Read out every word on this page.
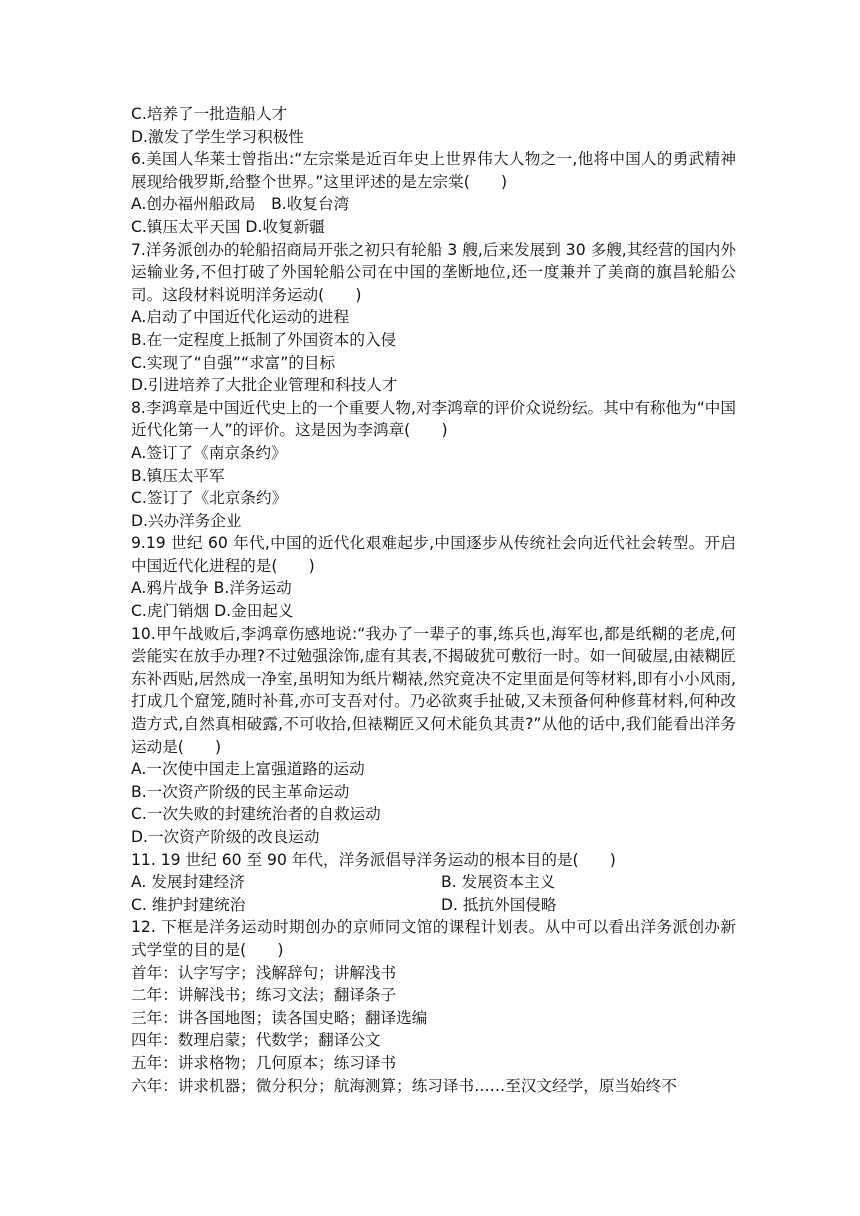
C.培养了一批造船人才
D.激发了学生学习积极性
6.美国人华莱士曾指出:“左宗棠是近百年史上世界伟大人物之一,他将中国人的勇武精神展现给俄罗斯,给整个世界。”这里评述的是左宗棠(　　)
A.创办福州船政局　B.收复台湾
C.镇压太平天国 D.收复新疆
7.洋务派创办的轮船招商局开张之初只有轮船 3 艘,后来发展到 30 多艘,其经营的国内外运输业务,不但打破了外国轮船公司在中国的垄断地位,还一度兼并了美商的旗昌轮船公司。这段材料说明洋务运动(　　)
A.启动了中国近代化运动的进程
B.在一定程度上抵制了外国资本的入侵
C.实现了“自强”“求富”的目标
D.引进培养了大批企业管理和科技人才
8.李鸿章是中国近代史上的一个重要人物,对李鸿章的评价众说纷纭。其中有称他为“中国近代化第一人”的评价。这是因为李鸿章(　　)
A.签订了《南京条约》
B.镇压太平军
C.签订了《北京条约》
D.兴办洋务企业
9.19 世纪 60 年代,中国的近代化艰难起步,中国逐步从传统社会向近代社会转型。开启中国近代化进程的是(　　)
A.鸦片战争 B.洋务运动
C.虎门销烟 D.金田起义
10.甲午战败后,李鸿章伤感地说:“我办了一辈子的事,练兵也,海军也,都是纸糊的老虎,何尝能实在放手办理?不过勉强涂饰,虚有其表,不揭破犹可敷衍一时。如一间破屋,由裱糊匠东补西贴,居然成一净室,虽明知为纸片糊裱,然究竟决不定里面是何等材料,即有小小风雨,打成几个窟笼,随时补葺,亦可支吾对付。乃必欲爽手扯破,又未预备何种修葺材料,何种改造方式,自然真相破露,不可收拾,但裱糊匠又何术能负其责?”从他的话中,我们能看出洋务运动是(　　)
A.一次使中国走上富强道路的运动
B.一次资产阶级的民主革命运动
C.一次失败的封建统治者的自救运动
D.一次资产阶级的改良运动
11. 19 世纪 60 至 90 年代，洋务派倡导洋务运动的根本目的是(　　)
A. 发展封建经济	B. 发展资本主义
C. 维护封建统治	D. 抵抗外国侵略
12. 下框是洋务运动时期创办的京师同文馆的课程计划表。从中可以看出洋务派创办新式学堂的目的是(　　)
首年：认字写字；浅解辞句；讲解浅书
二年：讲解浅书；练习文法；翻译条子
三年：讲各国地图；读各国史略；翻译选编
四年：数理启蒙；代数学；翻译公文
五年：讲求格物；几何原本；练习译书
六年：讲求机器；微分积分；航海测算；练习译书……至汉文经学，原当始终不
